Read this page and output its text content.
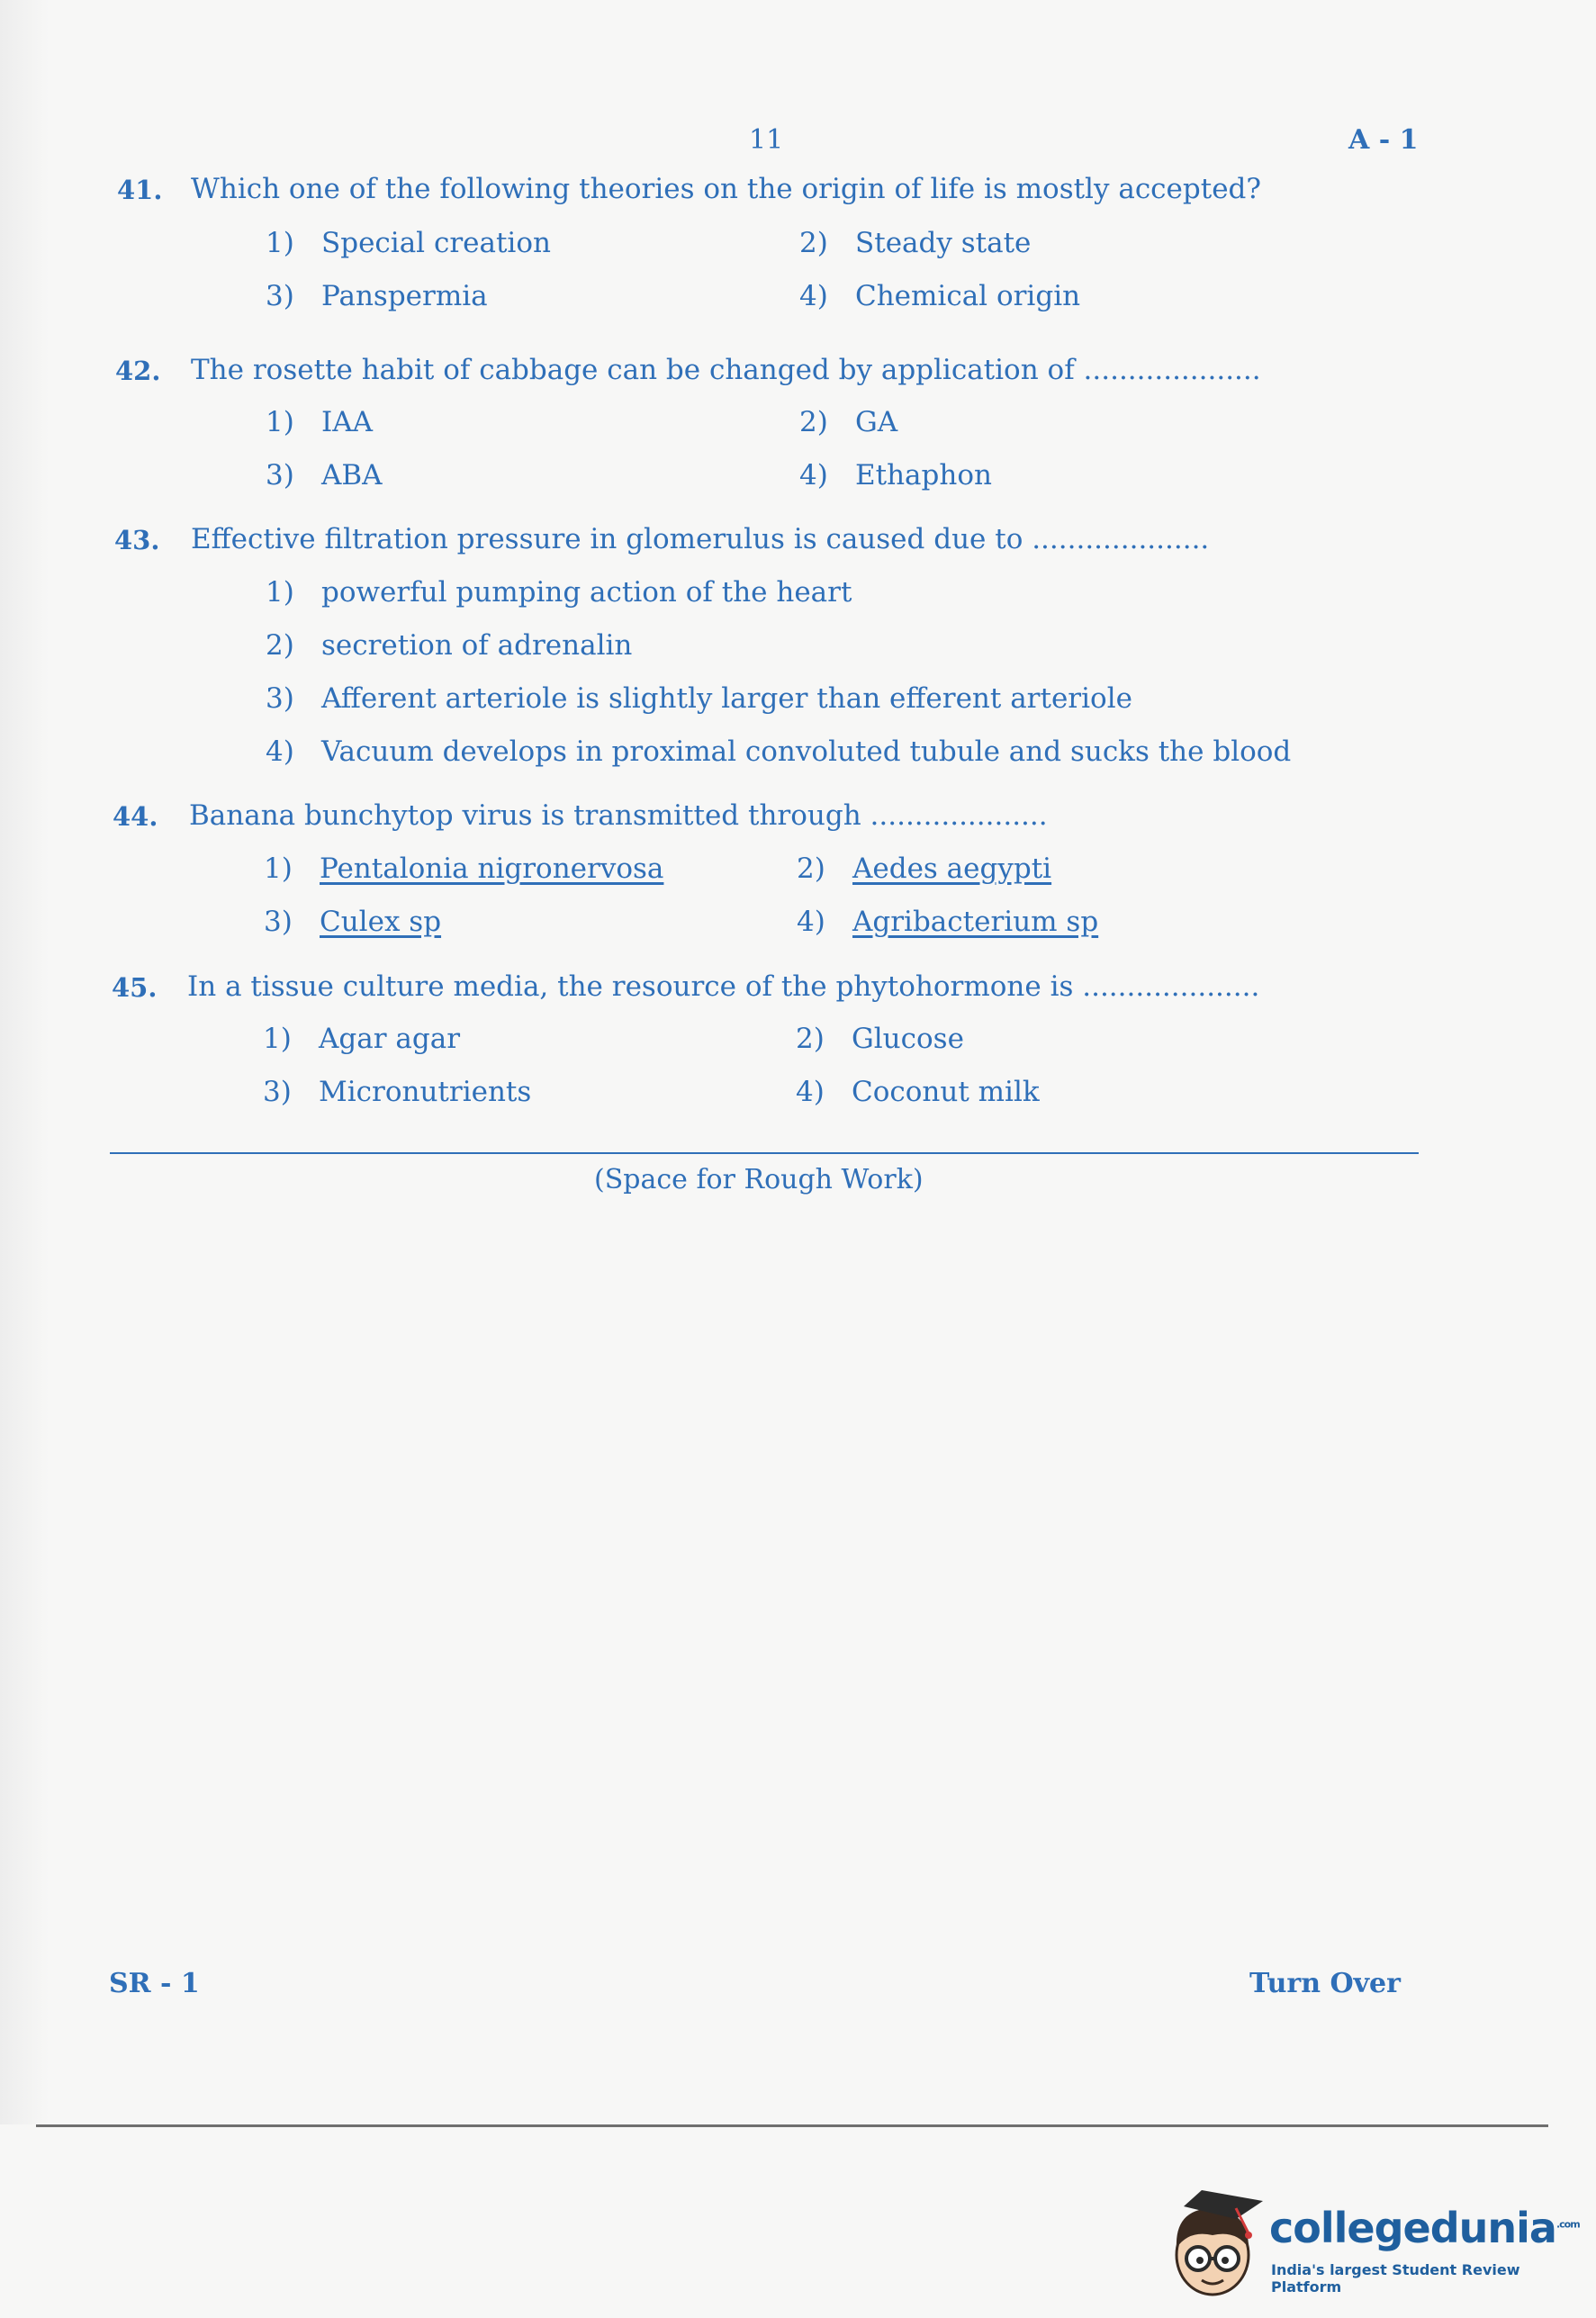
11	A - 1
41. Which one of the following theories on the origin of life is mostly accepted?
1) Special creation	2) Steady state
3) Panspermia	4) Chemical origin
42. The rosette habit of cabbage can be changed by application of ....................
1) IAA	2) GA
3) ABA	4) Ethaphon
43. Effective filtration pressure in glomerulus is caused due to ....................
1) powerful pumping action of the heart
2) secretion of adrenalin
3) Afferent arteriole is slightly larger than efferent arteriole
4) Vacuum develops in proximal convoluted tubule and sucks the blood
44. Banana bunchytop virus is transmitted through ....................
1) Pentalonia nigronervosa	2) Aedes aegypti
3) Culex sp	4) Agribacterium sp
45. In a tissue culture media, the resource of the phytohormone is ....................
1) Agar agar	2) Glucose
3) Micronutrients	4) Coconut milk
(Space for Rough Work)
SR - 1	Turn Over
collegedunia$^{.com}$
India's largest Student Review Platform
